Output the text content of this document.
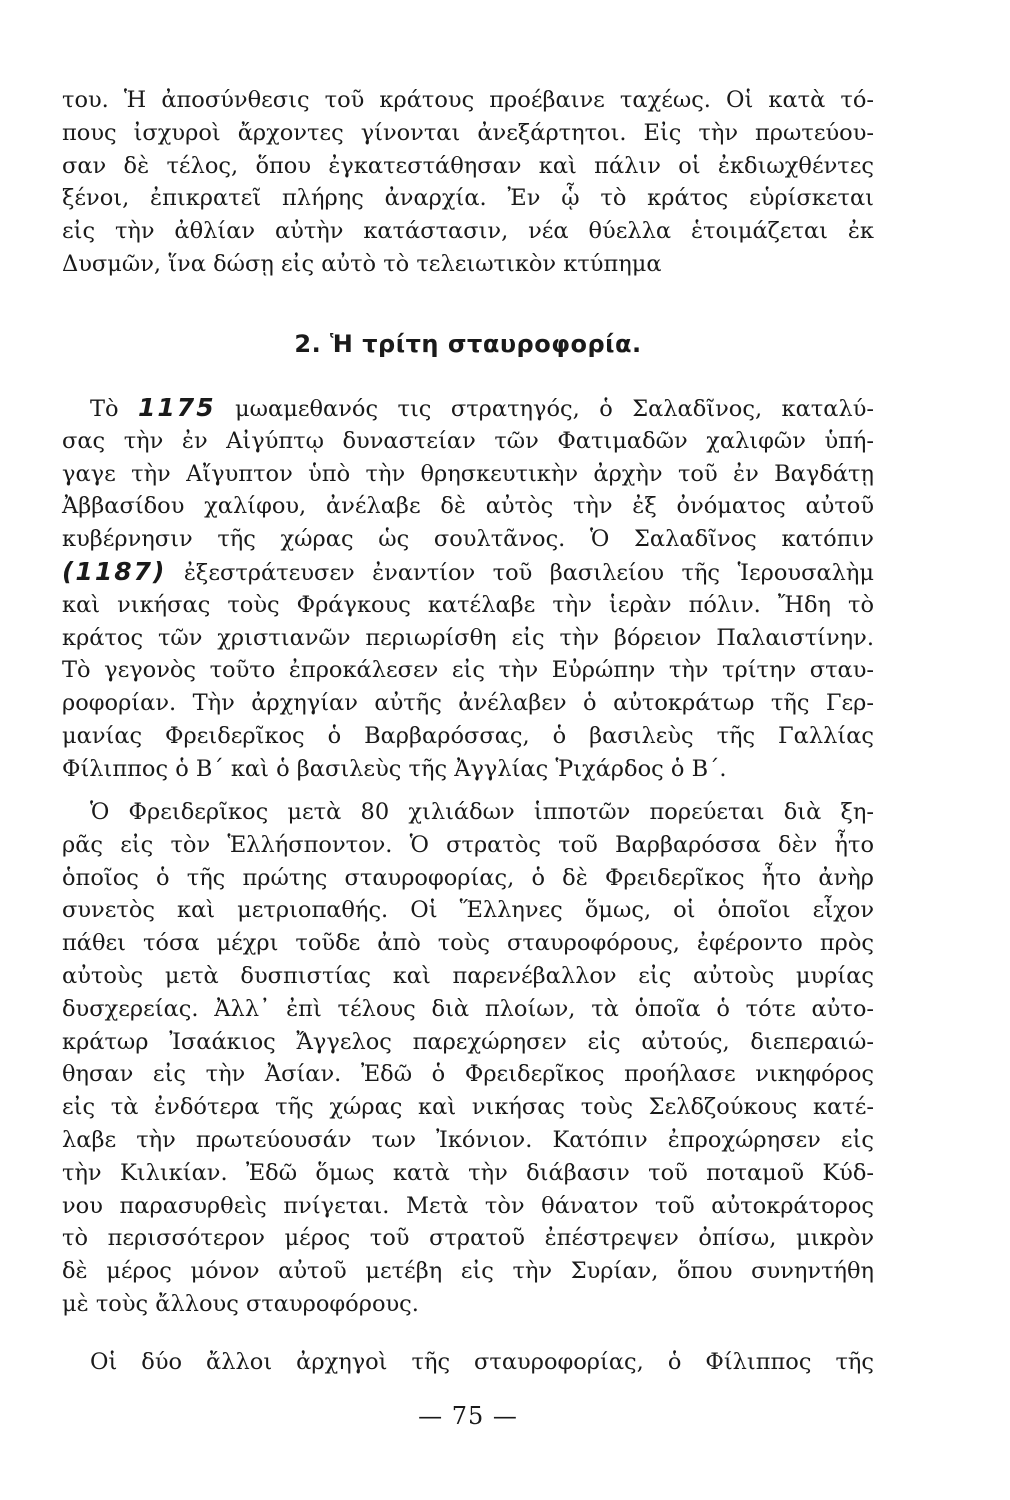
του. Ἡ ἀποσύνθεσις τοῦ κράτους προέβαινε ταχέως. Οἱ κατὰ τό-
πους ἰσχυροὶ ἄρχοντες γίνονται ἀνεξάρτητοι. Εἰς τὴν πρωτεύου-
σαν δὲ τέλος, ὅπου ἐγκατεστάθησαν καὶ πάλιν οἱ ἐκδιωχθέντες
ξένοι, ἐπικρατεῖ πλήρης ἀναρχία. Ἐν ᾧ τὸ κράτος εὑρίσκεται
εἰς τὴν ἀθλίαν αὐτὴν κατάστασιν, νέα θύελλα ἑτοιμάζεται ἐκ
Δυσμῶν, ἵνα δώσῃ εἰς αὐτὸ τὸ τελειωτικὸν κτύπημα
2. Ἡ τρίτη σταυροφορία.
Τὸ 1175 μωαμεθανός τις στρατηγός, ὁ Σαλαδῖνος, καταλύ-
σας τὴν ἐν Αἰγύπτῳ δυναστείαν τῶν Φατιμαδῶν χαλιφῶν ὑπή-
γαγε τὴν Αἴγυπτον ὑπὸ τὴν θρησκευτικὴν ἀρχὴν τοῦ ἐν Βαγδάτῃ
Ἀββασίδου χαλίφου, ἀνέλαβε δὲ αὐτὸς τὴν ἐξ ὀνόματος αὐτοῦ
κυβέρνησιν τῆς χώρας ὡς σουλτᾶνος. Ὁ Σαλαδῖνος κατόπιν
(1187) ἐξεστράτευσεν ἐναντίον τοῦ βασιλείου τῆς Ἱερουσαλὴμ
καὶ νικήσας τοὺς Φράγκους κατέλαβε τὴν ἱερὰν πόλιν. Ἤδη τὸ
κράτος τῶν χριστιανῶν περιωρίσθη εἰς τὴν βόρειον Παλαιστίνην.
Τὸ γεγονὸς τοῦτο ἐπροκάλεσεν εἰς τὴν Εὐρώπην τὴν τρίτην σταυ-
ροφορίαν. Τὴν ἀρχηγίαν αὐτῆς ἀνέλαβεν ὁ αὐτοκράτωρ τῆς Γερ-
μανίας Φρειδερῖκος ὁ Βαρβαρόσσας, ὁ βασιλεὺς τῆς Γαλλίας
Φίλιππος ὁ Β΄ καὶ ὁ βασιλεὺς τῆς Ἀγγλίας Ῥιχάρδος ὁ Β΄.
Ὁ Φρειδερῖκος μετὰ 80 χιλιάδων ἱπποτῶν πορεύεται διὰ ξη-
ρᾶς εἰς τὸν Ἑλλήσποντον. Ὁ στρατὸς τοῦ Βαρβαρόσσα δὲν ἦτο
ὁποῖος ὁ τῆς πρώτης σταυροφορίας, ὁ δὲ Φρειδερῖκος ἦτο ἀνὴρ
συνετὸς καὶ μετριοπαθής. Οἱ Ἕλληνες ὅμως, οἱ ὁποῖοι εἶχον
πάθει τόσα μέχρι τοῦδε ἀπὸ τοὺς σταυροφόρους, ἐφέροντο πρὸς
αὐτοὺς μετὰ δυσπιστίας καὶ παρενέβαλλον εἰς αὐτοὺς μυρίας
δυσχερείας. Ἀλλ᾿ ἐπὶ τέλους διὰ πλοίων, τὰ ὁποῖα ὁ τότε αὐτο-
κράτωρ Ἰσαάκιος Ἄγγελος παρεχώρησεν εἰς αὐτούς, διεπεραιώ-
θησαν εἰς τὴν Ἀσίαν. Ἐδῶ ὁ Φρειδερῖκος προήλασε νικηφόρος
εἰς τὰ ἐνδότερα τῆς χώρας καὶ νικήσας τοὺς Σελδζούκους κατέ-
λαβε τὴν πρωτεύουσάν των Ἰκόνιον. Κατόπιν ἐπροχώρησεν εἰς
τὴν Κιλικίαν. Ἐδῶ ὅμως κατὰ τὴν διάβασιν τοῦ ποταμοῦ Κύδ-
νου παρασυρθεὶς πνίγεται. Μετὰ τὸν θάνατον τοῦ αὐτοκράτορος
τὸ περισσότερον μέρος τοῦ στρατοῦ ἐπέστρεψεν ὀπίσω, μικρὸν
δὲ μέρος μόνον αὐτοῦ μετέβη εἰς τὴν Συρίαν, ὅπου συνηντήθη
μὲ τοὺς ἄλλους σταυροφόρους.
Οἱ δύο ἄλλοι ἀρχηγοὶ τῆς σταυροφορίας, ὁ Φίλιππος τῆς
— 75 —
